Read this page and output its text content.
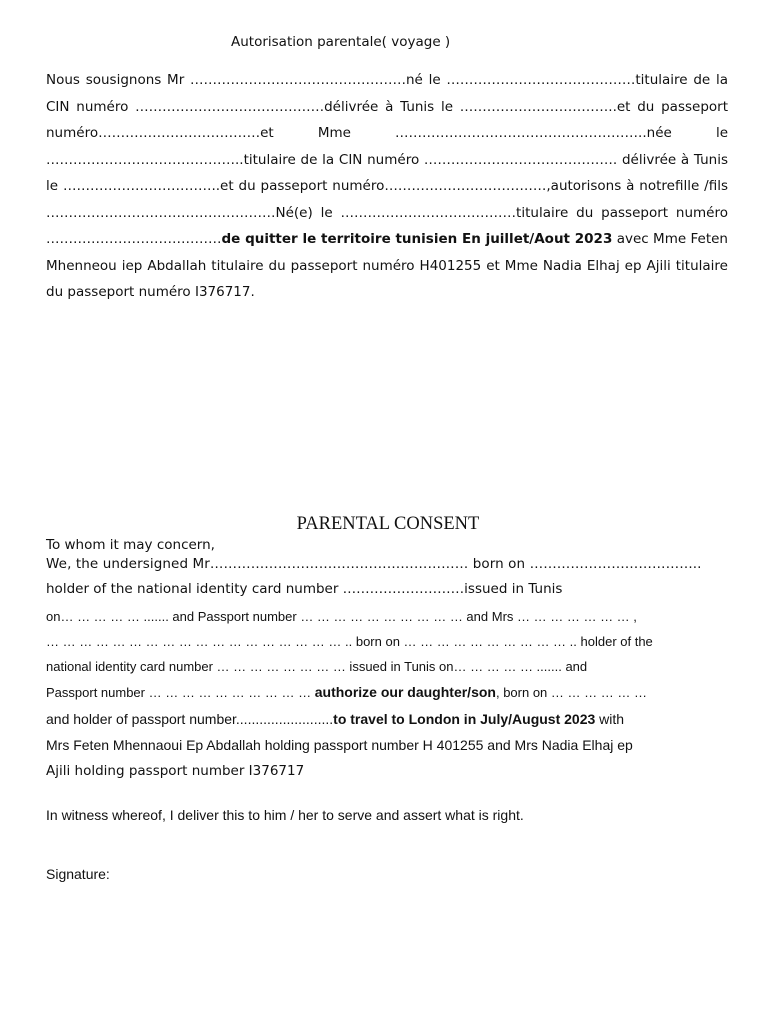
Autorisation parentale( voyage )

Nous sousignons Mr …………………………………………né le ……………………………………titulaire de la CIN numéro ……………………………………délivrée à Tunis le ……………………………..et du passeport numéro………………………………et Mme ………………………………………………..née le ……………………………………..titulaire de la CIN numéro ……………………………………. délivrée à Tunis le ……………………………..et du passeport numéro………………………………,autorisons à notrefille /fils ……………………………………………Né(e) le …………………………………titulaire du passeport numéro …………………………………de quitter le territoire tunisien En juillet/Aout 2023 avec Mme Feten Mhenneou iep Abdallah titulaire du passeport numéro H401255 et Mme Nadia Elhaj ep Ajili titulaire du passeport numéro I376717.

PARENTAL CONSENT
To whom it may concern,
We, the undersigned Mr………………………………………………… born on ………………………………..
holder of the national identity card number ………………………issued in Tunis
on… … … … … ....... and Passport number … … … … … … … … … … and Mrs … … … … … … … ,
… … … … … … … … … … … … … … … … … … .. born on … … … … … … … … … … .. holder of the
national identity card number … … … … … … … … issued in Tunis on… … … … … ....... and
Passport number … … … … … … … … … … authorize our daughter/son, born on … … … … … …
and holder of passport number.........................to travel to London in July/August 2023 with
Mrs Feten Mhennaoui Ep Abdallah holding passport number H 401255 and Mrs Nadia Elhaj ep
Ajili holding passport number I376717
In witness whereof, I deliver this to him / her to serve and assert what is right.
Signature:
